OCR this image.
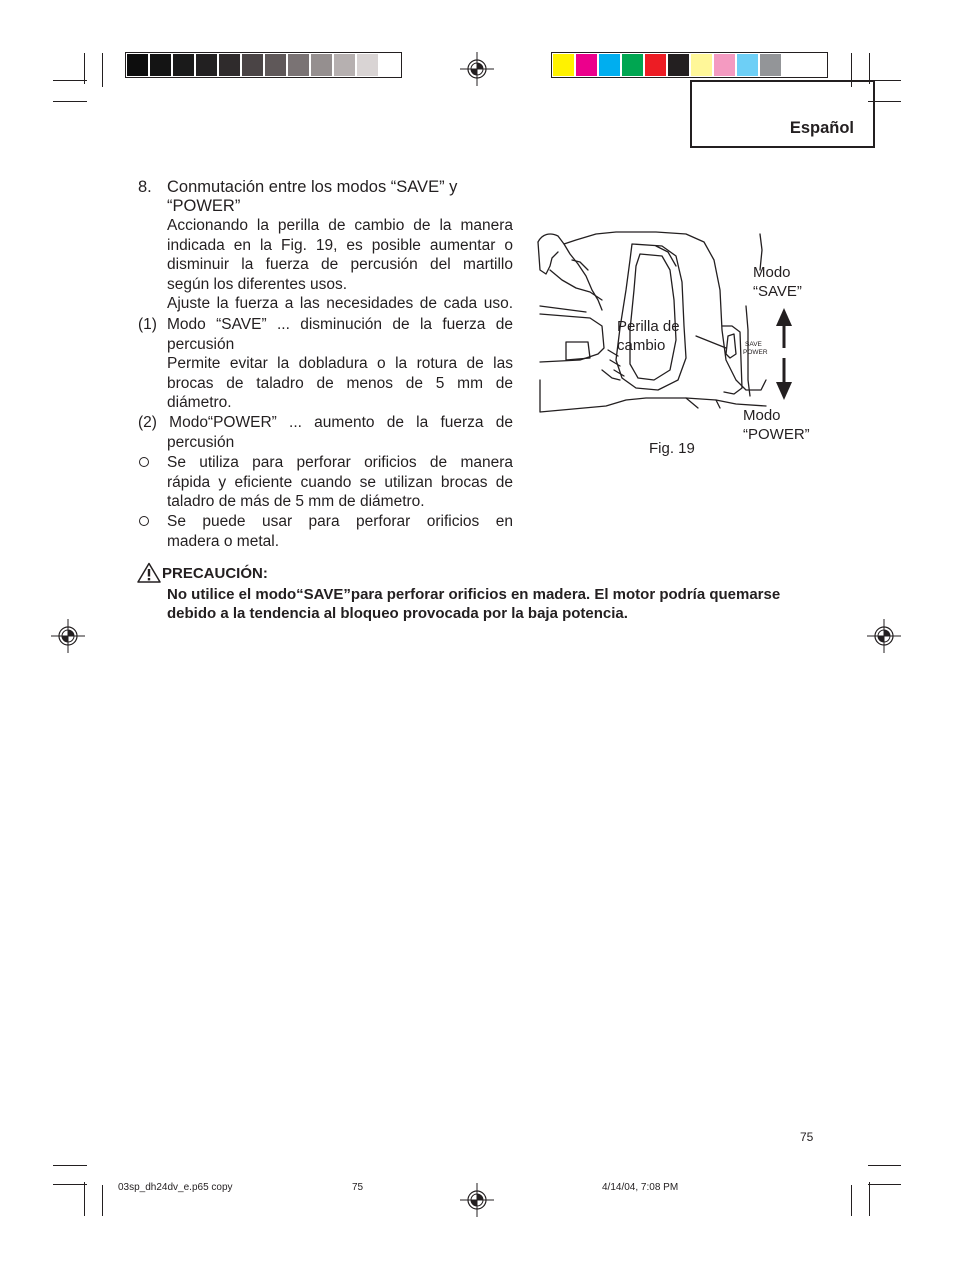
Español
8. Conmutación entre los modos “SAVE” y
“POWER”
Accionando la perilla de cambio de la manera
indicada en la Fig. 19, es posible aumentar o
disminuir la fuerza de percusión del martillo
según los diferentes usos.
Ajuste la fuerza a las necesidades de cada uso.
(1) Modo “SAVE” ... disminución de la fuerza de
percusión
Permite evitar la dobladura o la rotura de las
brocas de taladro de menos de 5 mm de
diámetro.
(2) Modo“POWER” ... aumento de la fuerza de
percusión
Se utiliza para perforar orificios de manera
rápida y eficiente cuando se utilizan brocas de
taladro de más de 5 mm de diámetro.
Se puede usar para perforar orificios en
madera o metal.
SAVE
POWER
Modo
“SAVE”
Perilla de
cambio
Modo
“POWER”
Fig. 19
PRECAUCIÓN:
No utilice el modo“SAVE”para perforar orificios en madera. El motor podría quemarse
debido a la tendencia al bloqueo provocada por la baja potencia.
75
03sp_dh24dv_e.p65 copy	75	4/14/04, 7:08 PM
